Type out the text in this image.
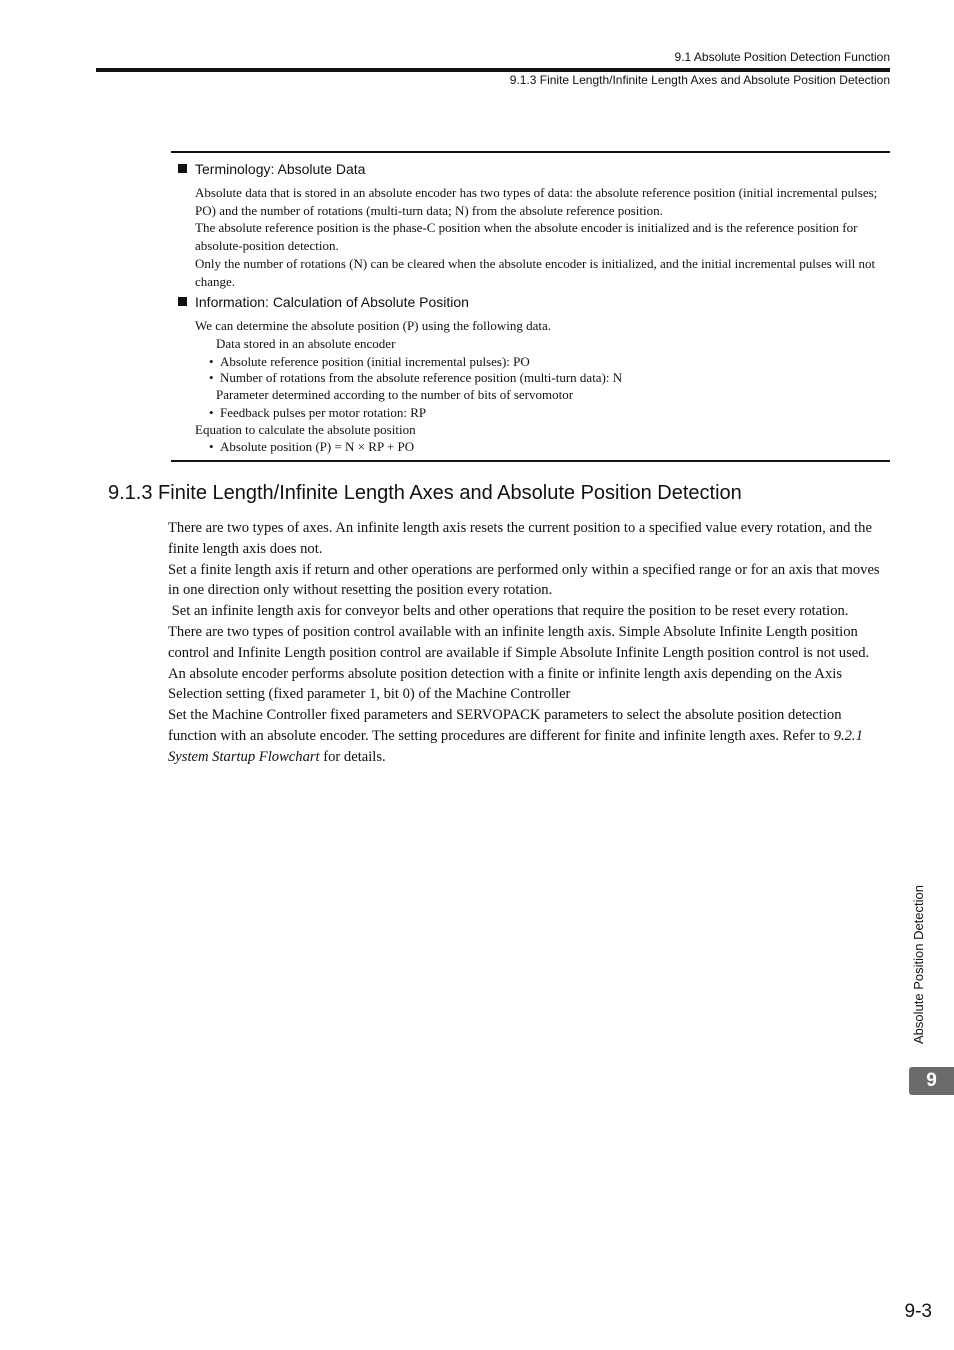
9.1 Absolute Position Detection Function
9.1.3 Finite Length/Infinite Length Axes and Absolute Position Detection
Terminology: Absolute Data
Absolute data that is stored in an absolute encoder has two types of data: the absolute reference position (initial incremental pulses; PO) and the number of rotations (multi-turn data; N) from the absolute reference position.
The absolute reference position is the phase-C position when the absolute encoder is initialized and is the reference position for absolute-position detection.
Only the number of rotations (N) can be cleared when the absolute encoder is initialized, and the initial incremental pulses will not change.
Information: Calculation of Absolute Position
We can determine the absolute position (P) using the following data.
Data stored in an absolute encoder
• Absolute reference position (initial incremental pulses): PO
• Number of rotations from the absolute reference position (multi-turn data): N
Parameter determined according to the number of bits of servomotor
• Feedback pulses per motor rotation: RP
Equation to calculate the absolute position
• Absolute position (P) = N × RP + PO
9.1.3 Finite Length/Infinite Length Axes and Absolute Position Detection

There are two types of axes. An infinite length axis resets the current position to a specified value every rotation, and the finite length axis does not.

Set a finite length axis if return and other operations are performed only within a specified range or for an axis that moves in one direction only without resetting the position every rotation.

Set an infinite length axis for conveyor belts and other operations that require the position to be reset every rotation.

There are two types of position control available with an infinite length axis. Simple Absolute Infinite Length position control and Infinite Length position control are available if Simple Absolute Infinite Length position control is not used.

An absolute encoder performs absolute position detection with a finite or infinite length axis depending on the Axis Selection setting (fixed parameter 1, bit 0) of the Machine Controller

Set the Machine Controller fixed parameters and SERVOPACK parameters to select the absolute position detection function with an absolute encoder. The setting procedures are different for finite and infinite length axes. Refer to 9.2.1 System Startup Flowchart for details.

Absolute Position Detection
9
9-3
